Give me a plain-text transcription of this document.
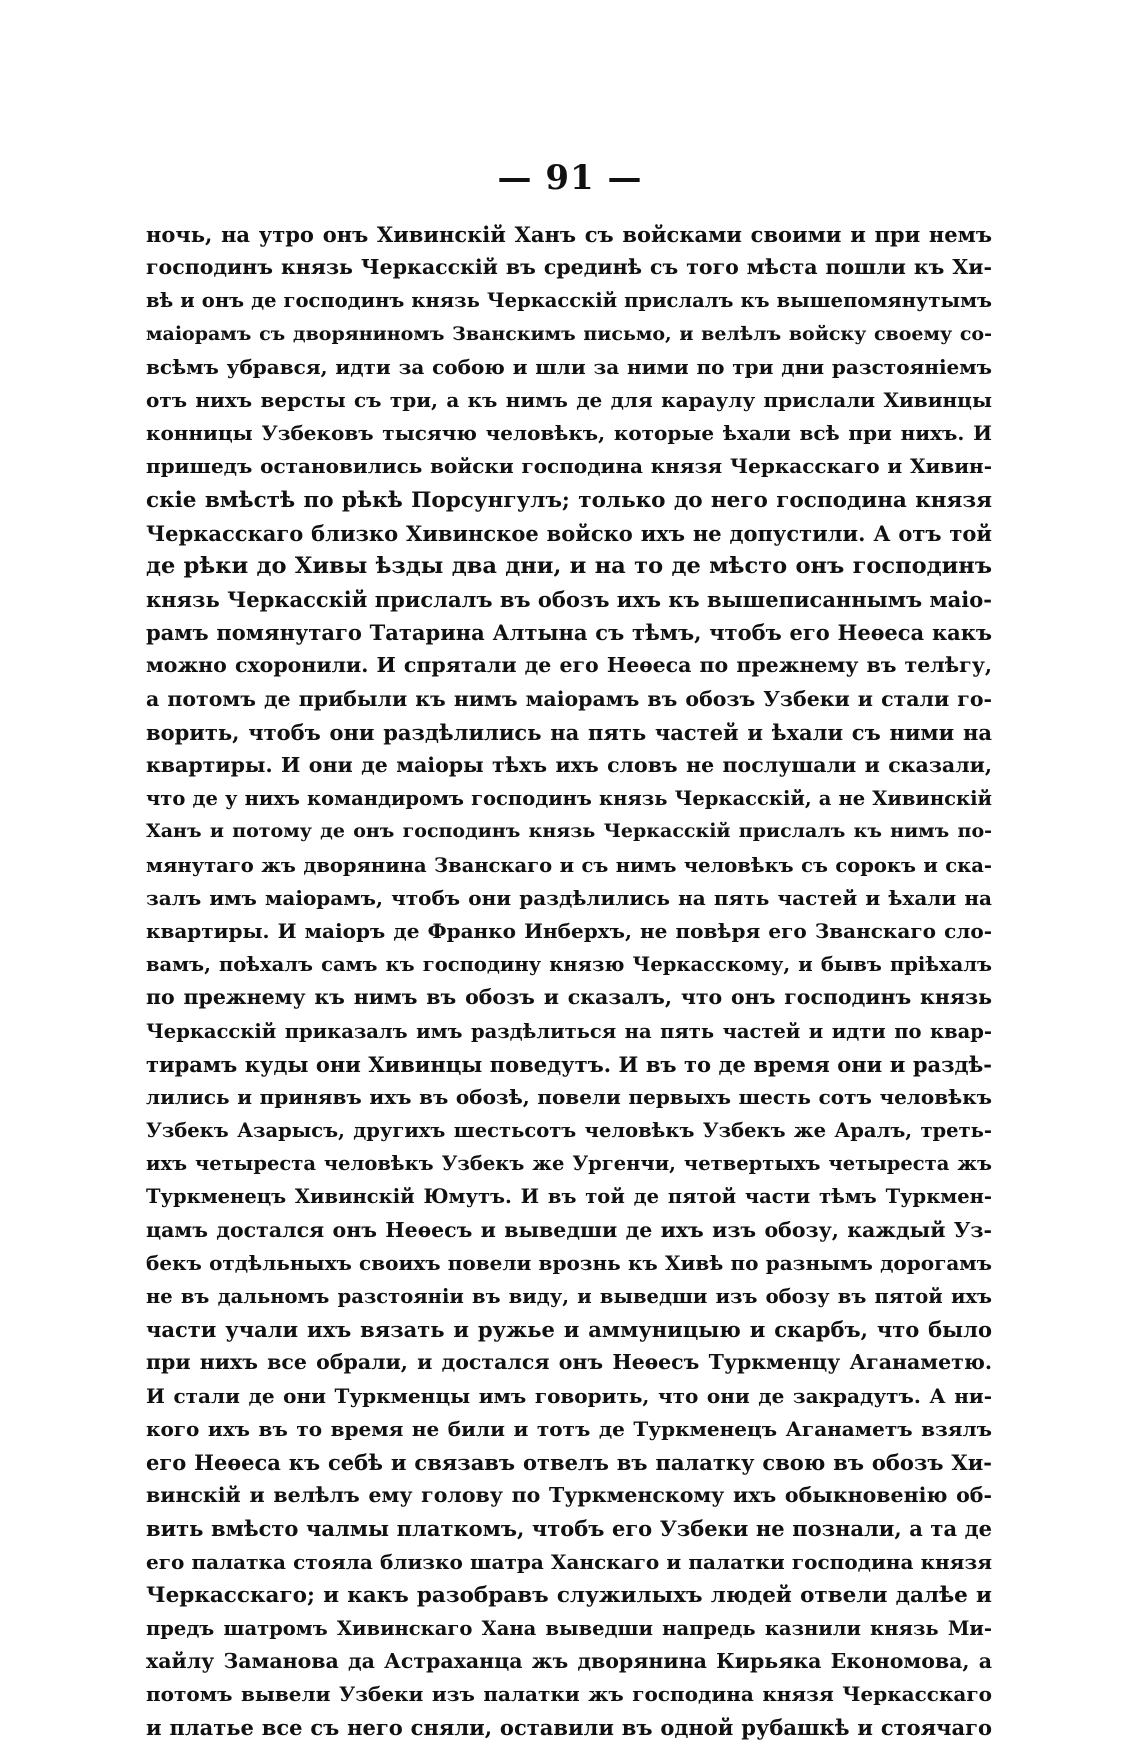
— 91 —
ночь, на утро онъ Хивинскій Ханъ съ войсками своими и при немъ
господинъ князь Черкасскій въ срединѣ съ того мѣста пошли къ Хи-
вѣ и онъ де господинъ князь Черкасскій прислалъ къ вышепомянутымъ
маіорамъ съ дворяниномъ Званскимъ письмо, и велѣлъ войску своему со-
всѣмъ убрався, идти за собою и шли за ними по три дни разстояніемъ
отъ нихъ версты съ три, а къ нимъ де для караулу прислали Хивинцы
конницы Узбековъ тысячю человѣкъ, которые ѣхали всѣ при нихъ. И
пришедъ остановились войски господина князя Черкасскаго и Хивин-
скіе вмѣстѣ по рѣкѣ Порсунгулъ; только до него господина князя
Черкасскаго близко Хивинское войско ихъ не допустили. А отъ той
де рѣки до Хивы ѣзды два дни, и на то де мѣсто онъ господинъ
князь Черкасскій прислалъ въ обозъ ихъ къ вышеписаннымъ маіо-
рамъ помянутаго Татарина Алтына съ тѣмъ, чтобъ его Неѳеса какъ
можно схоронили. И спрятали де его Неѳеса по прежнему въ телѣгу,
а потомъ де прибыли къ нимъ маіорамъ въ обозъ Узбеки и стали го-
ворить, чтобъ они раздѣлились на пять частей и ѣхали съ ними на
квартиры. И они де маіоры тѣхъ ихъ словъ не послушали и сказали,
что де у нихъ командиромъ господинъ князь Черкасскій, а не Хивинскій
Ханъ и потому де онъ господинъ князь Черкасскій прислалъ къ нимъ по-
мянутаго жъ дворянина Званскаго и съ нимъ человѣкъ съ сорокъ и ска-
залъ имъ маіорамъ, чтобъ они раздѣлились на пять частей и ѣхали на
квартиры. И маіоръ де Франко Инберхъ, не повѣря его Званскаго сло-
вамъ, поѣхалъ самъ къ господину князю Черкасскому, и бывъ пріѣхалъ
по прежнему къ нимъ въ обозъ и сказалъ, что онъ господинъ князь
Черкасскій приказалъ имъ раздѣлиться на пять частей и идти по квар-
тирамъ куды они Хивинцы поведутъ. И въ то де время они и раздѣ-
лились и принявъ ихъ въ обозѣ, повели первыхъ шесть сотъ человѣкъ
Узбекъ Азарысъ, другихъ шестьсотъ человѣкъ Узбекъ же Аралъ, треть-
ихъ четыреста человѣкъ Узбекъ же Ургенчи, четвертыхъ четыреста жъ
Туркменецъ Хивинскій Юмутъ. И въ той де пятой части тѣмъ Туркмен-
цамъ достался онъ Неѳесъ и выведши де ихъ изъ обозу, каждый Уз-
бекъ отдѣльныхъ своихъ повели врознь къ Хивѣ по разнымъ дорогамъ
не въ дальномъ разстояніи въ виду, и выведши изъ обозу въ пятой ихъ
части учали ихъ вязать и ружье и аммуницыю и скарбъ, что было
при нихъ все обрали, и достался онъ Неѳесъ Туркменцу Аганаметю.
И стали де они Туркменцы имъ говорить, что они де закрадутъ. А ни-
кого ихъ въ то время не били и тотъ де Туркменецъ Аганаметъ взялъ
его Неѳеса къ себѣ и связавъ отвелъ въ палатку свою въ обозъ Хи-
винскій и велѣлъ ему голову по Туркменскому ихъ обыкновенію об-
вить вмѣсто чалмы платкомъ, чтобъ его Узбеки не познали, а та де
его палатка стояла близко шатра Ханскаго и палатки господина князя
Черкасскаго; и какъ разобравъ служилыхъ людей отвели далѣе и
предъ шатромъ Хивинскаго Хана выведши напредь казнили князь Ми-
хайлу Заманова да Астраханца жъ дворянина Кирьяка Економова, а
потомъ вывели Узбеки изъ палатки жъ господина князя Черкасскаго
и платье все съ него сняли, оставили въ одной рубашкѣ и стоячаго
